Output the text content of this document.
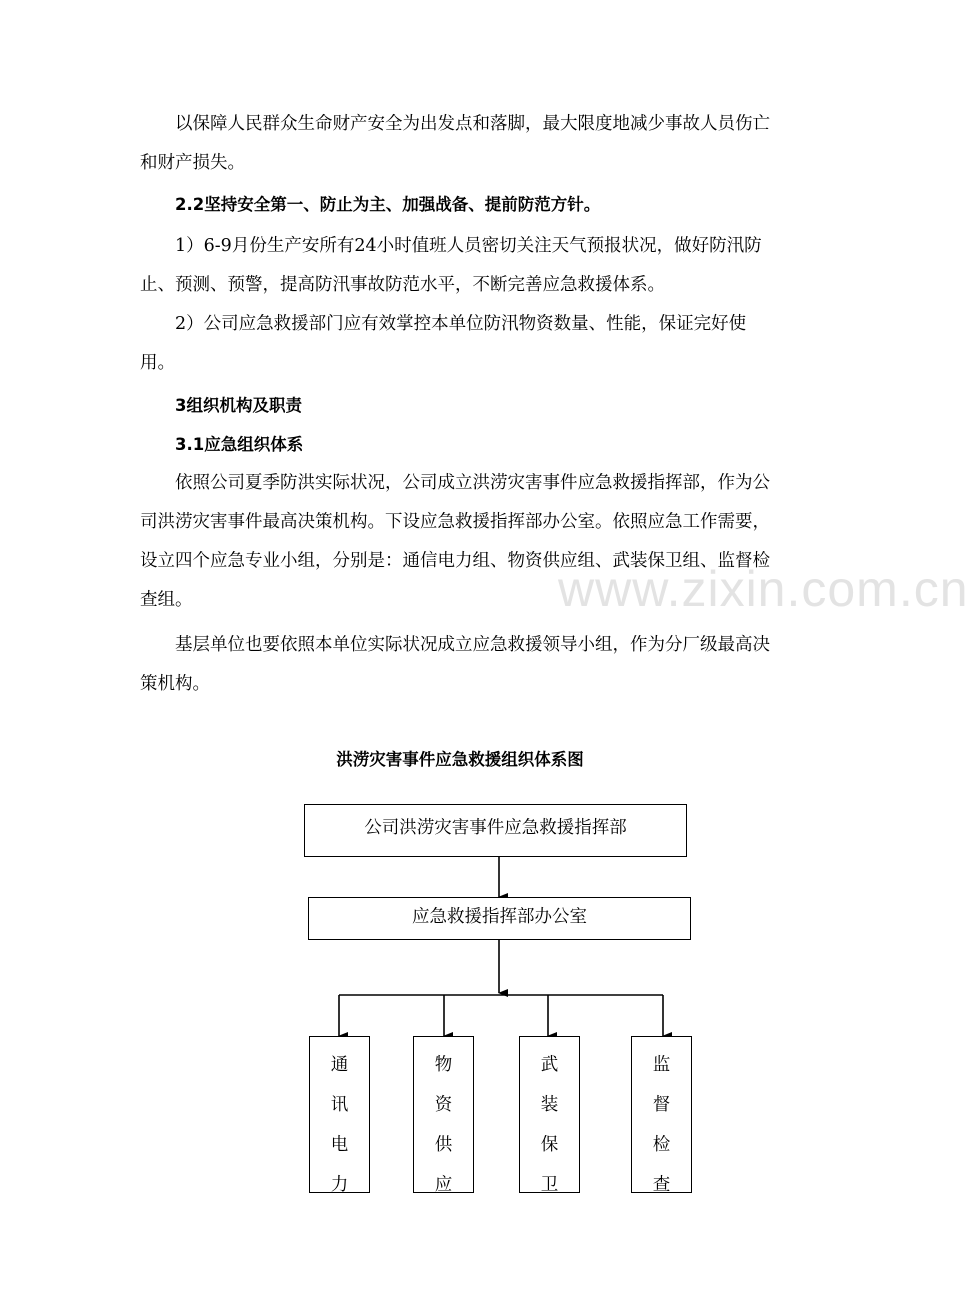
www.zixin.com.cn

以保障人民群众生命财产安全为出发点和落脚，最大限度地减少事故人员伤亡和财产损失。

2.2坚持安全第一、防止为主、加强战备、提前防范方针。

1）6-9月份生产安所有24小时值班人员密切关注天气预报状况，做好防汛防止、预测、预警，提高防汛事故防范水平，不断完善应急救援体系。

2）公司应急救援部门应有效掌控本单位防汛物资数量、性能，保证完好使用。

3组织机构及职责

3.1应急组织体系

依照公司夏季防洪实际状况，公司成立洪涝灾害事件应急救援指挥部，作为公司洪涝灾害事件最高决策机构。下设应急救援指挥部办公室。依照应急工作需要，设立四个应急专业小组，分别是：通信电力组、物资供应组、武装保卫组、监督检查组。

基层单位也要依照本单位实际状况成立应急救援领导小组，作为分厂级最高决策机构。

洪涝灾害事件应急救援组织体系图
公司洪涝灾害事件应急救援指挥部
应急救援指挥部办公室
通
讯
电
力
物
资
供
应
武
装
保
卫
监
督
检
查
